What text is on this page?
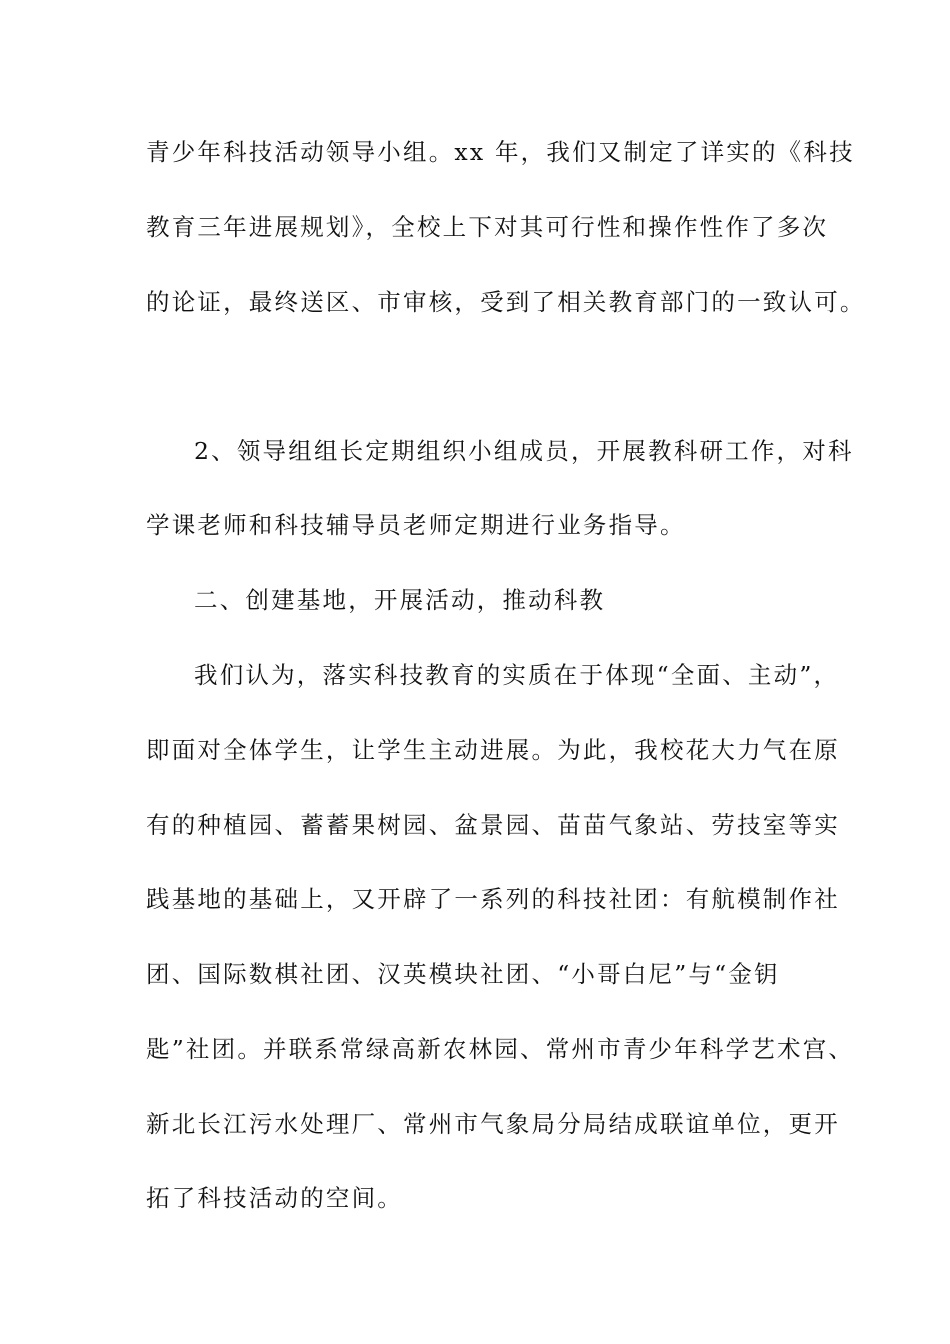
青少年科技活动领导小组。xx 年，我们又制定了详实的《科技
教育三年进展规划》，全校上下对其可行性和操作性作了多次
的论证，最终送区、市审核，受到了相关教育部门的一致认可。
2、领导组组长定期组织小组成员，开展教科研工作，对科
学课老师和科技辅导员老师定期进行业务指导。
二、创建基地，开展活动，推动科教
我们认为，落实科技教育的实质在于体现“全面、主动”，
即面对全体学生，让学生主动进展。为此，我校花大力气在原
有的种植园、蓄蓄果树园、盆景园、苗苗气象站、劳技室等实
践基地的基础上，又开辟了一系列的科技社团：有航模制作社
团、国际数棋社团、汉英模块社团、“小哥白尼”与“金钥
匙”社团。并联系常绿高新农林园、常州市青少年科学艺术宫、
新北长江污水处理厂、常州市气象局分局结成联谊单位，更开
拓了科技活动的空间。
